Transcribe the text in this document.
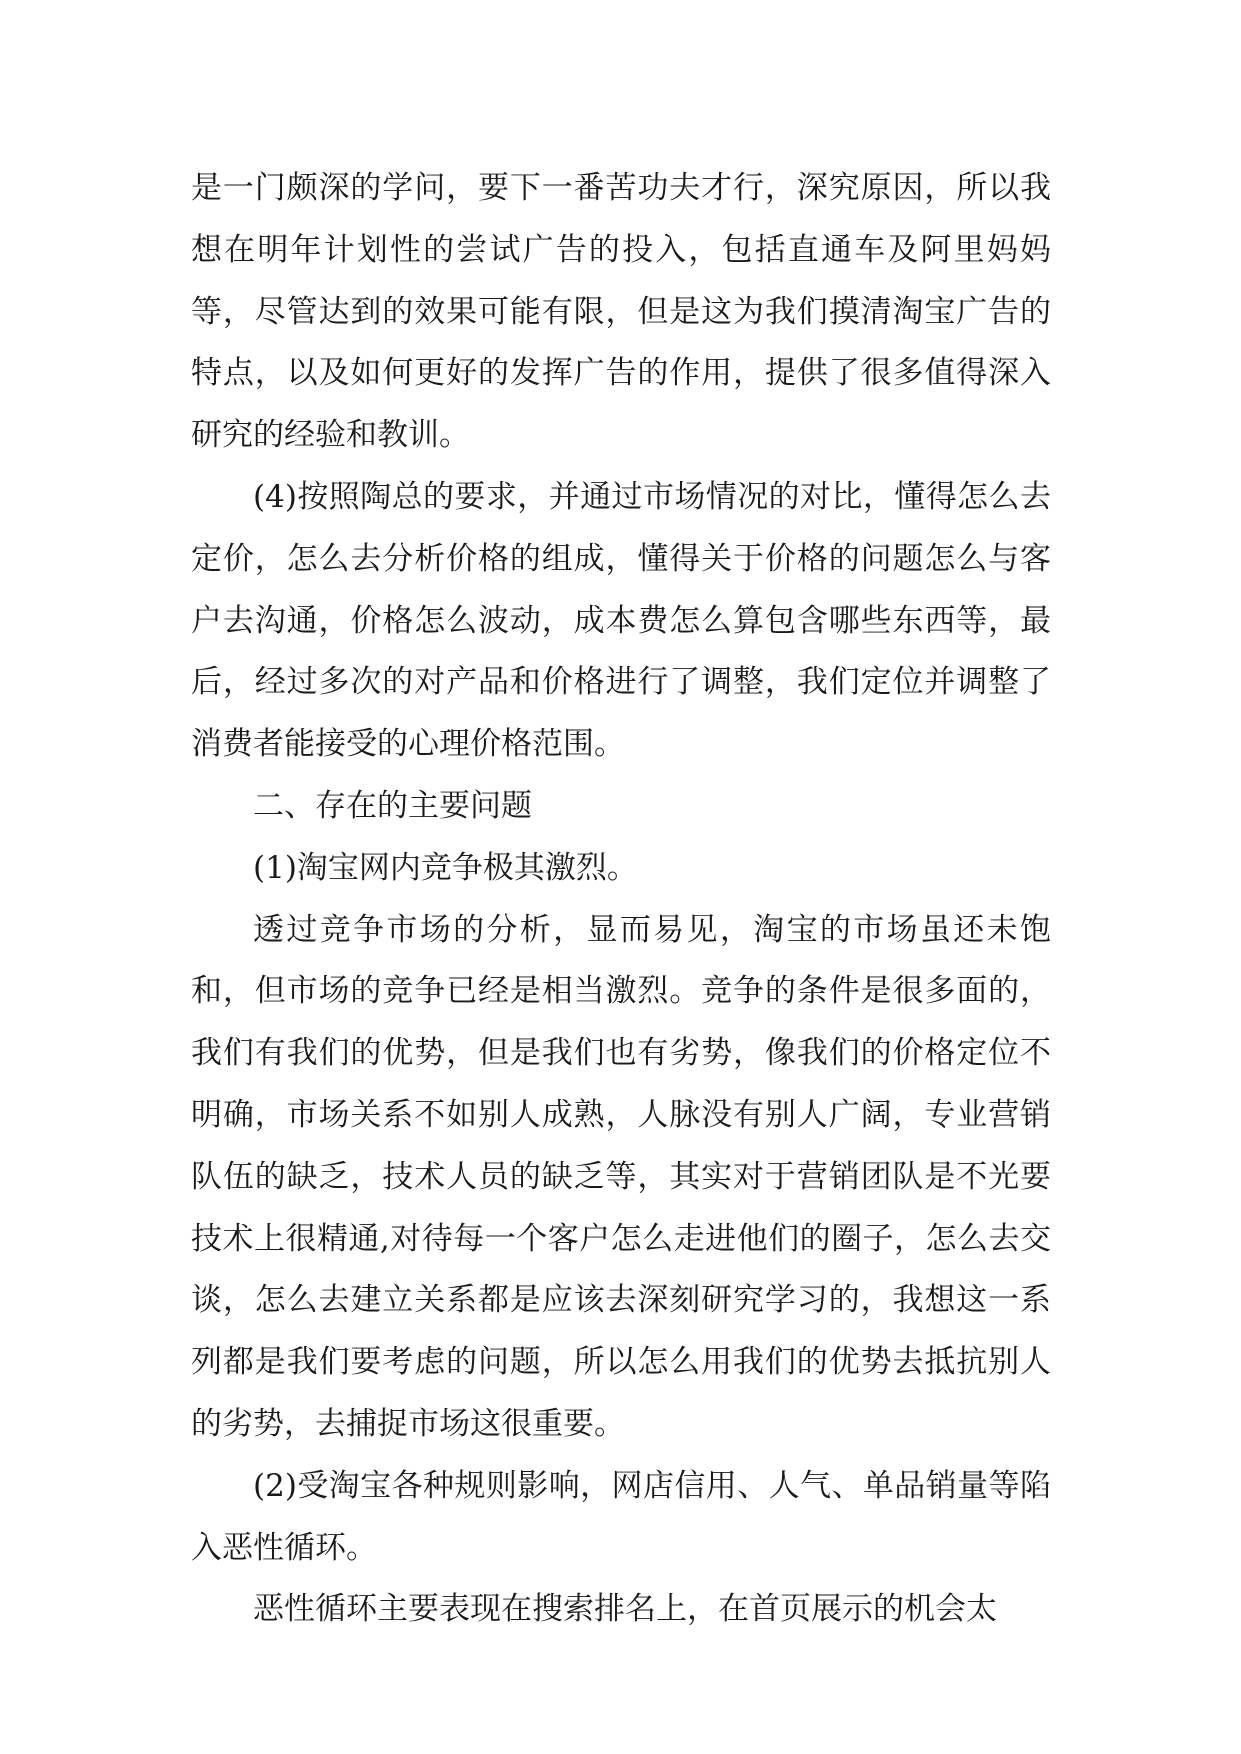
是一门颇深的学问，要下一番苦功夫才行，深究原因，所以我想在明年计划性的尝试广告的投入，包括直通车及阿里妈妈等，尽管达到的效果可能有限，但是这为我们摸清淘宝广告的特点，以及如何更好的发挥广告的作用，提供了很多值得深入研究的经验和教训。

(4)按照陶总的要求，并通过市场情况的对比，懂得怎么去定价，怎么去分析价格的组成，懂得关于价格的问题怎么与客户去沟通，价格怎么波动，成本费怎么算包含哪些东西等，最后，经过多次的对产品和价格进行了调整，我们定位并调整了消费者能接受的心理价格范围。

二、存在的主要问题

(1)淘宝网内竞争极其激烈。

透过竞争市场的分析，显而易见，淘宝的市场虽还未饱和，但市场的竞争已经是相当激烈。竞争的条件是很多面的，我们有我们的优势，但是我们也有劣势，像我们的价格定位不明确，市场关系不如别人成熟，人脉没有别人广阔，专业营销队伍的缺乏，技术人员的缺乏等，其实对于营销团队是不光要技术上很精通,对待每一个客户怎么走进他们的圈子，怎么去交谈，怎么去建立关系都是应该去深刻研究学习的，我想这一系列都是我们要考虑的问题，所以怎么用我们的优势去抵抗别人的劣势，去捕捉市场这很重要。

(2)受淘宝各种规则影响，网店信用、人气、单品销量等陷入恶性循环。

恶性循环主要表现在搜索排名上，在首页展示的机会太
